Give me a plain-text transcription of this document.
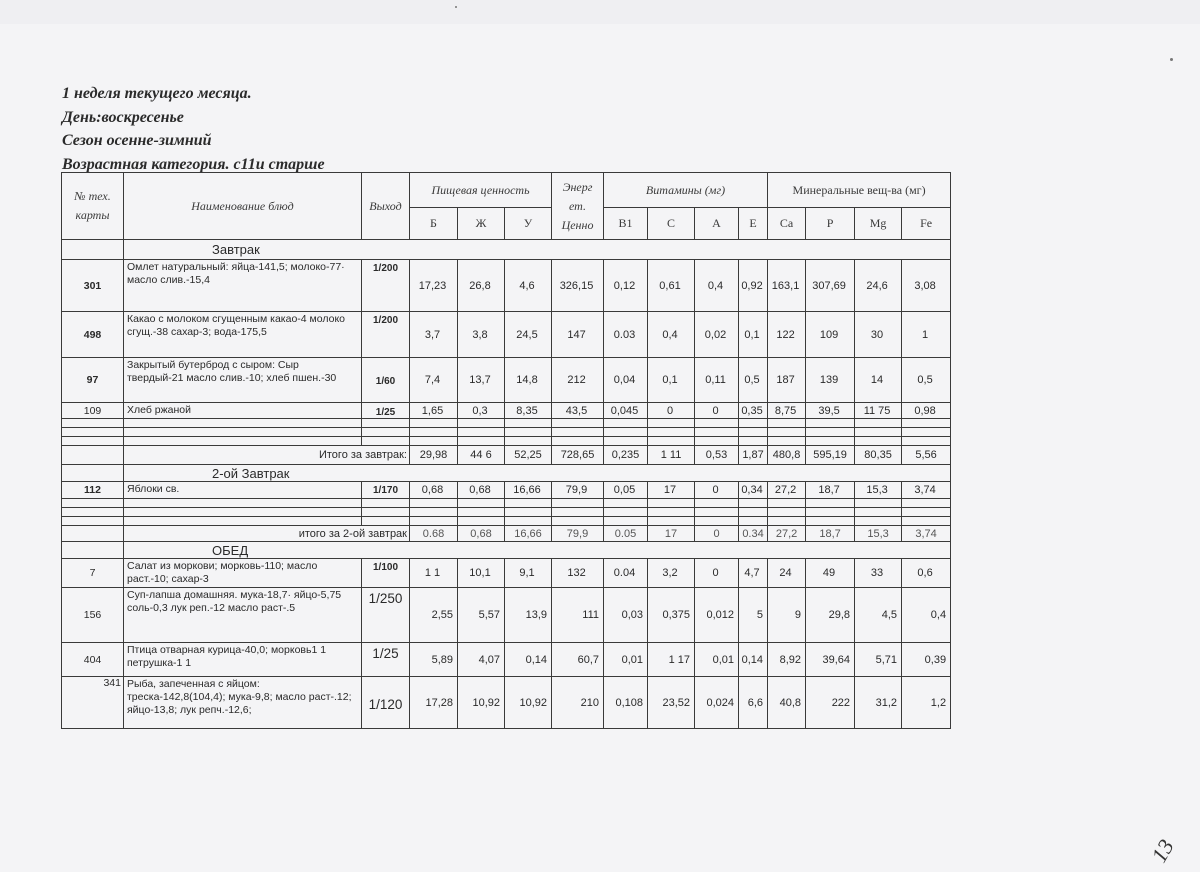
1 неделя текущего месяца.
День:воскресенье
Сезон осенне-зимний
Возрастная категория. с11и старше
№ тех. карты	Наименование блюд	Выход	Пищевая ценность			Энерг ет. Ценно	Витамины (мг)				Минеральные вещ-ва (мг)			
			Б	Ж	У		В1	С	А	Е	Са	Р	Mg	Fe
	Завтрак													
301	Омлет натуральный: яйца-141,5; молоко-77· масло слив.-15,4	1/200	17,23	26,8	4,6	326,15	0,12	0,61	0,4	0,92	163,1	307,69	24,6	3,08
498	Какао с молоком сгущенным какао-4 молоко сгущ.-38 сахар-3; вода-175,5	1/200	3,7	3,8	24,5	147	0.03	0,4	0,02	0,1	122	109	30	1
97	Закрытый бутерброд с сыром: Сыр твердый-21 масло слив.-10; хлеб пшен.-30	1/60	7,4	13,7	14,8	212	0,04	0,1	0,11	0,5	187	139	14	0,5
109	Хлеб ржаной	1/25	1,65	0,3	8,35	43,5	0,045	0	0	0,35	8,75	39,5	11 75	0,98

	Итого за завтрак:		29,98	44 6	52,25	728,65	0,235	1 11	0,53	1,87	480,8	595,19	80,35	5,56
	2-ой Завтрак													
112	Яблоки св.	1/170	0,68	0,68	16,66	79,9	0,05	17	0	0,34	27,2	18,7	15,3	3,74

	итого за 2-ой завтрак		0.68	0,68	16,66	79,9	0.05	17	0	0.34	27,2	18,7	15,3	3,74
	ОБЕД													
7	Салат из моркови; морковь-110; масло раст.-10; сахар-3	1/100	1 1	10,1	9,1	132	0.04	3,2	0	4,7	24	49	33	0,6
156	Суп-лапша домашняя. мука-18,7· яйцо-5,75 соль-0,3 лук реп.-12 масло раст-.5	1/250	2,55	5,57	13,9	111	0,03	0,375	0,012	5	9	29,8	4,5	0,4
404	Птица отварная курица-40,0; морковь1 1 петрушка-1 1	1/25	5,89	4,07	0,14	60,7	0,01	1 17	0,01	0,14	8,92	39,64	5,71	0,39
341	Рыба, запеченная с яйцом: треска-142,8(104,4); мука-9,8; масло раст-.12; яйцо-13,8; лук репч.-12,6;	1/120	17,28	10,92	10,92	210	0,108	23,52	0,024	6,6	40,8	222	31,2	1,2
13
